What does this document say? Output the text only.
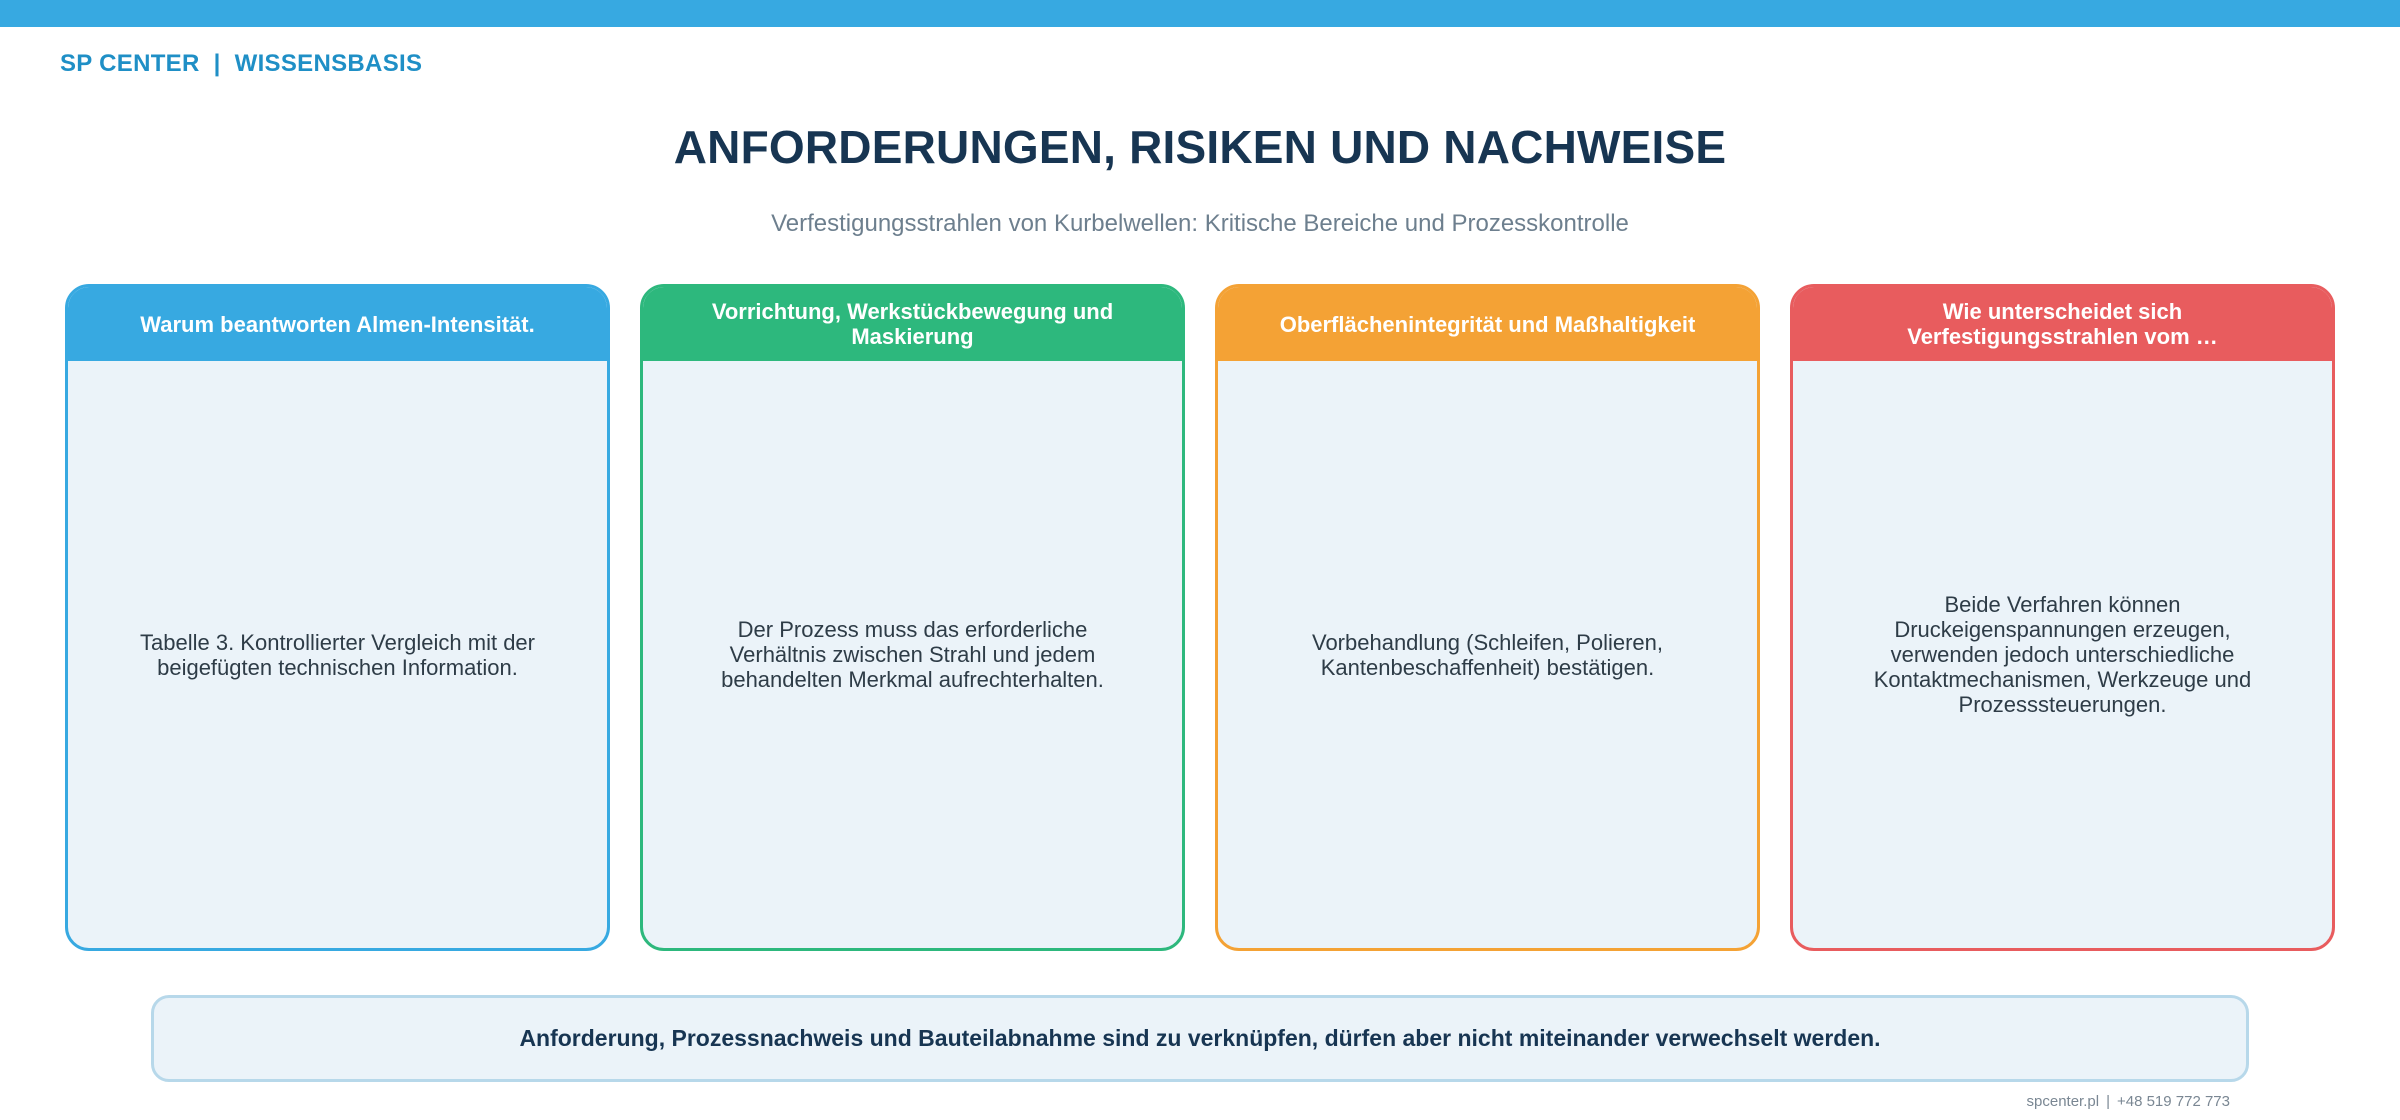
SP CENTER | WISSENSBASIS
ANFORDERUNGEN, RISIKEN UND NACHWEISE
Verfestigungsstrahlen von Kurbelwellen: Kritische Bereiche und Prozesskontrolle
Warum beantworten Almen-Intensität.
Tabelle 3. Kontrollierter Vergleich mit der beigefügten technischen Information.
Vorrichtung, Werkstückbewegung und Maskierung
Der Prozess muss das erforderliche Verhältnis zwischen Strahl und jedem behandelten Merkmal aufrechterhalten.
Oberflächenintegrität und Maßhaltigkeit
Vorbehandlung (Schleifen, Polieren, Kantenbeschaffenheit) bestätigen.
Wie unterscheidet sich Verfestigungsstrahlen vom …
Beide Verfahren können Druckeigenspannungen erzeugen, verwenden jedoch unterschiedliche Kontaktmechanismen, Werkzeuge und Prozesssteuerungen.
Anforderung, Prozessnachweis und Bauteilabnahme sind zu verknüpfen, dürfen aber nicht miteinander verwechselt werden.
spcenter.pl | +48 519 772 773
